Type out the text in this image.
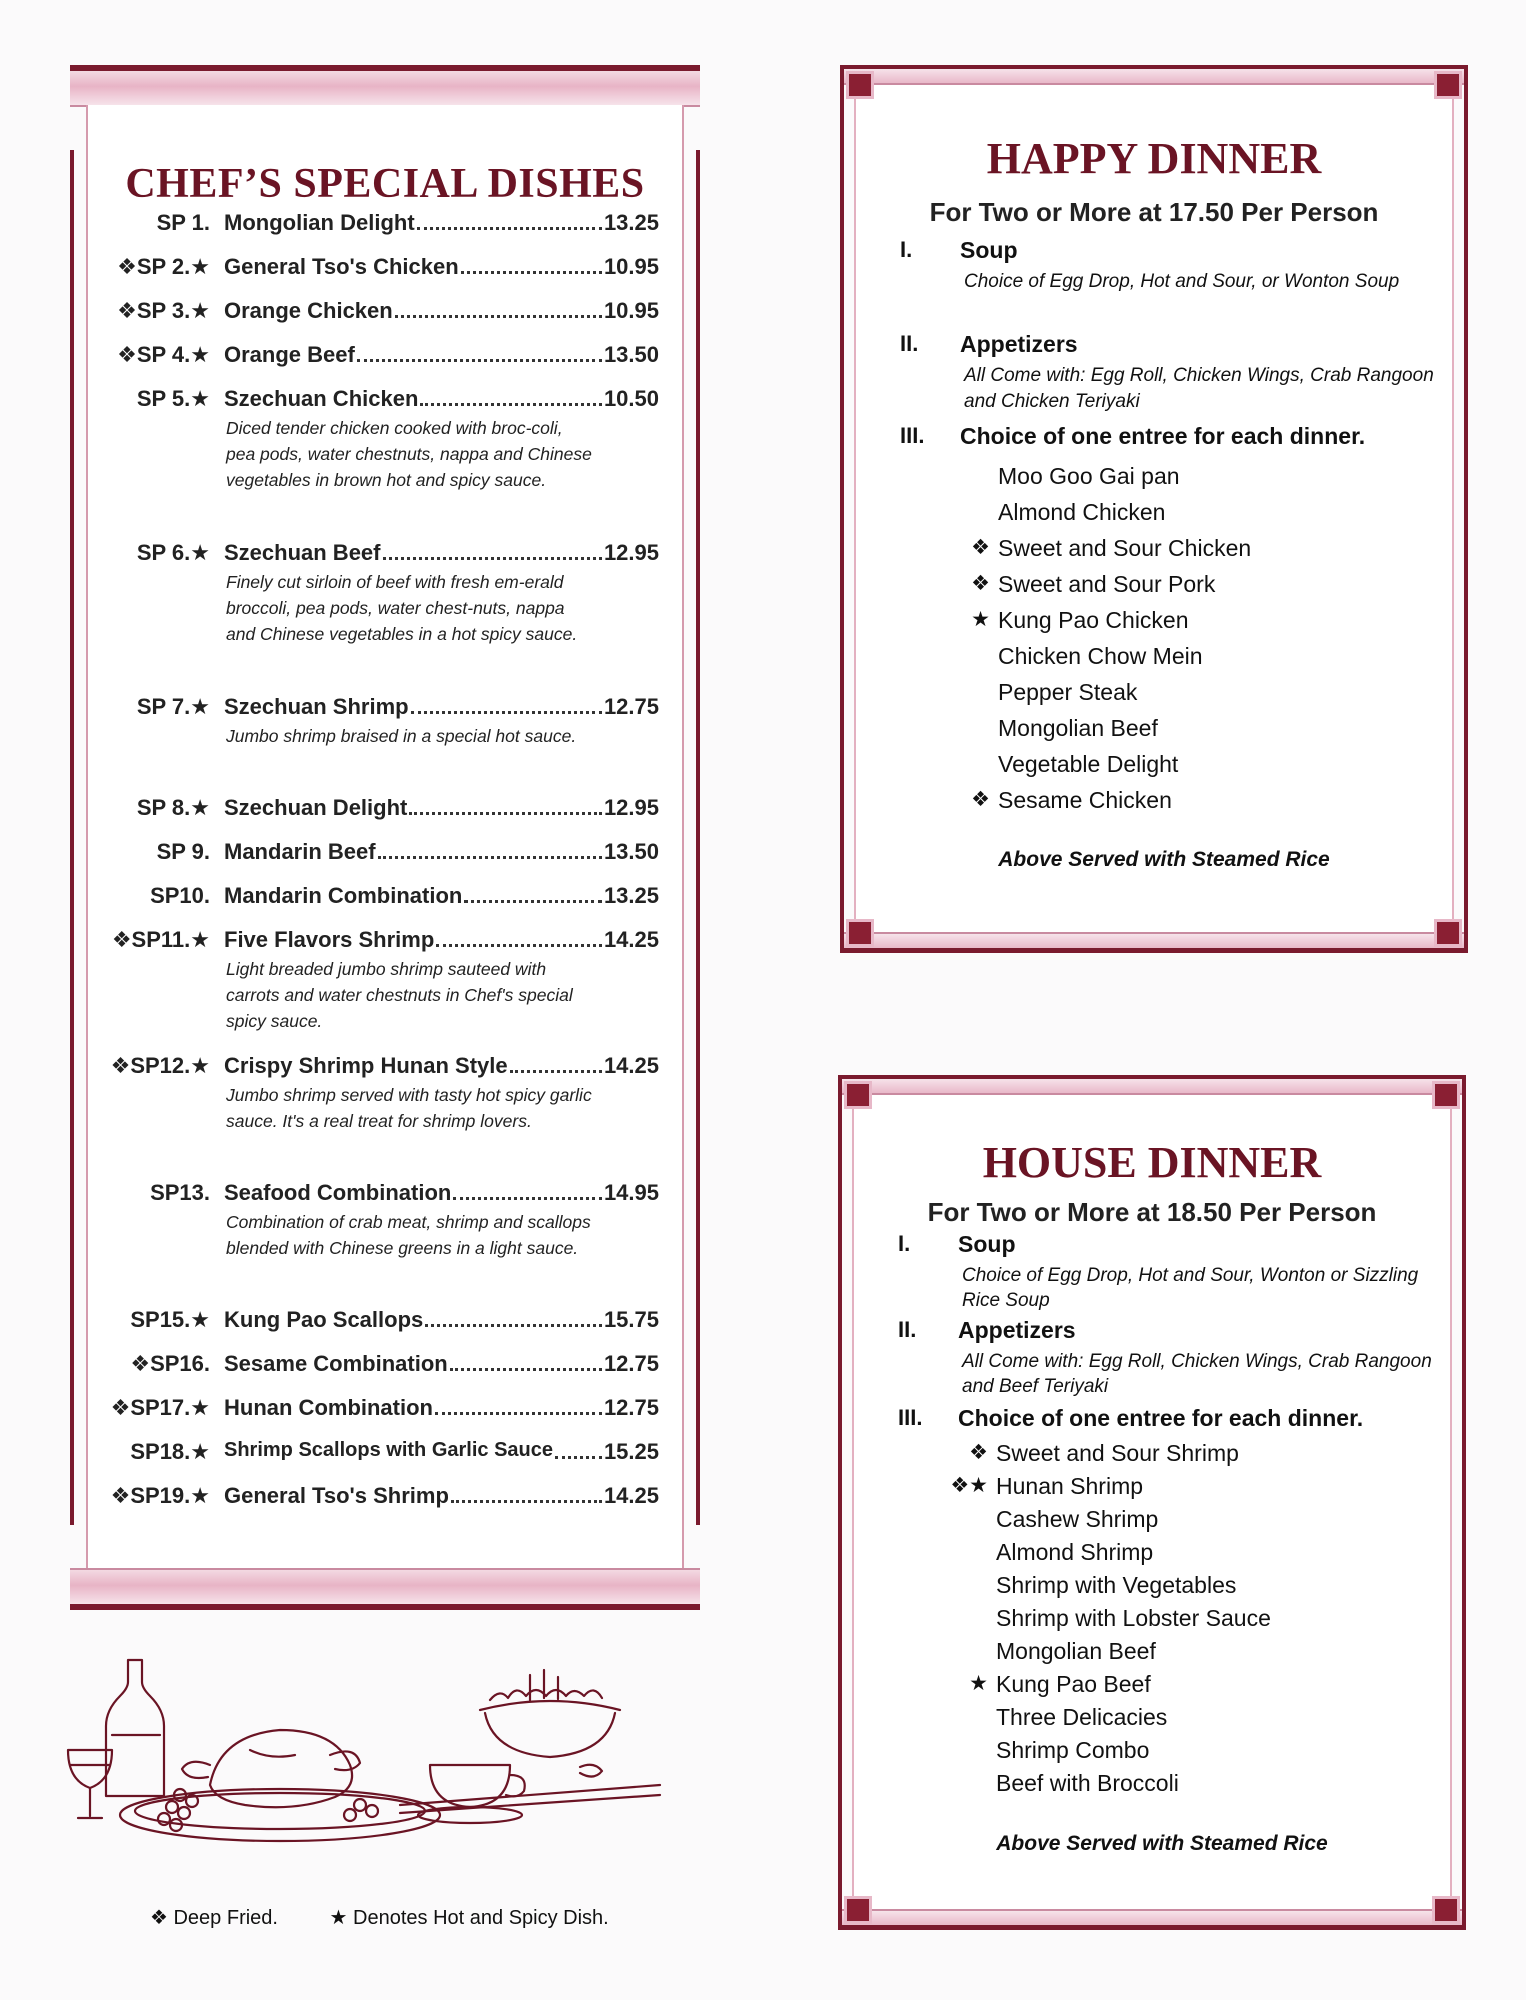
CHEF’S SPECIAL DISHES
SP 1. Mongolian Delight	13.25
❖SP 2.★ General Tso's Chicken	10.95
❖SP 3.★ Orange Chicken	10.95
❖SP 4.★ Orange Beef	13.50
SP 5.★ Szechuan Chicken	10.50
Diced tender chicken cooked with broc-coli, pea pods, water chestnuts, nappa and Chinese vegetables in brown hot and spicy sauce.
SP 6.★ Szechuan Beef	12.95
Finely cut sirloin of beef with fresh em-erald broccoli, pea pods, water chest-nuts, nappa and Chinese vegetables in a hot spicy sauce.
SP 7.★ Szechuan Shrimp	12.75
Jumbo shrimp braised in a special hot sauce.
SP 8.★ Szechuan Delight	12.95
SP 9. Mandarin Beef	13.50
SP10. Mandarin Combination	13.25
❖SP11.★ Five Flavors Shrimp	14.25
Light breaded jumbo shrimp sauteed with carrots and water chestnuts in Chef's special spicy sauce.
❖SP12.★ Crispy Shrimp Hunan Style	14.25
Jumbo shrimp served with tasty hot spicy garlic sauce. It's a real treat for shrimp lovers.
SP13. Seafood Combination	14.95
Combination of crab meat, shrimp and scallops blended with Chinese greens in a light sauce.
SP15.★ Kung Pao Scallops	15.75
❖SP16. Sesame Combination	12.75
❖SP17.★ Hunan Combination	12.75
SP18.★ Shrimp Scallops with Garlic Sauce 15.25
❖SP19.★ General Tso's Shrimp	14.25
HAPPY DINNER
For Two or More at 17.50 Per Person
I. Soup
Choice of Egg Drop, Hot and Sour, or Wonton Soup
II. Appetizers
All Come with: Egg Roll, Chicken Wings, Crab Rangoon and Chicken Teriyaki
III. Choice of one entree for each dinner.
Moo Goo Gai pan
Almond Chicken
❖ Sweet and Sour Chicken
❖ Sweet and Sour Pork
★ Kung Pao Chicken
Chicken Chow Mein
Pepper Steak
Mongolian Beef
Vegetable Delight
❖ Sesame Chicken
Above Served with Steamed Rice
HOUSE DINNER
For Two or More at 18.50 Per Person
I. Soup
Choice of Egg Drop, Hot and Sour, Wonton or Sizzling Rice Soup
II. Appetizers
All Come with: Egg Roll, Chicken Wings, Crab Rangoon and Beef Teriyaki
III. Choice of one entree for each dinner.
❖ Sweet and Sour Shrimp
❖★ Hunan Shrimp
Cashew Shrimp
Almond Shrimp
Shrimp with Vegetables
Shrimp with Lobster Sauce
Mongolian Beef
★ Kung Pao Beef
Three Delicacies
Shrimp Combo
Beef with Broccoli
Above Served with Steamed Rice
❖ Deep Fried.	★ Denotes Hot and Spicy Dish.
